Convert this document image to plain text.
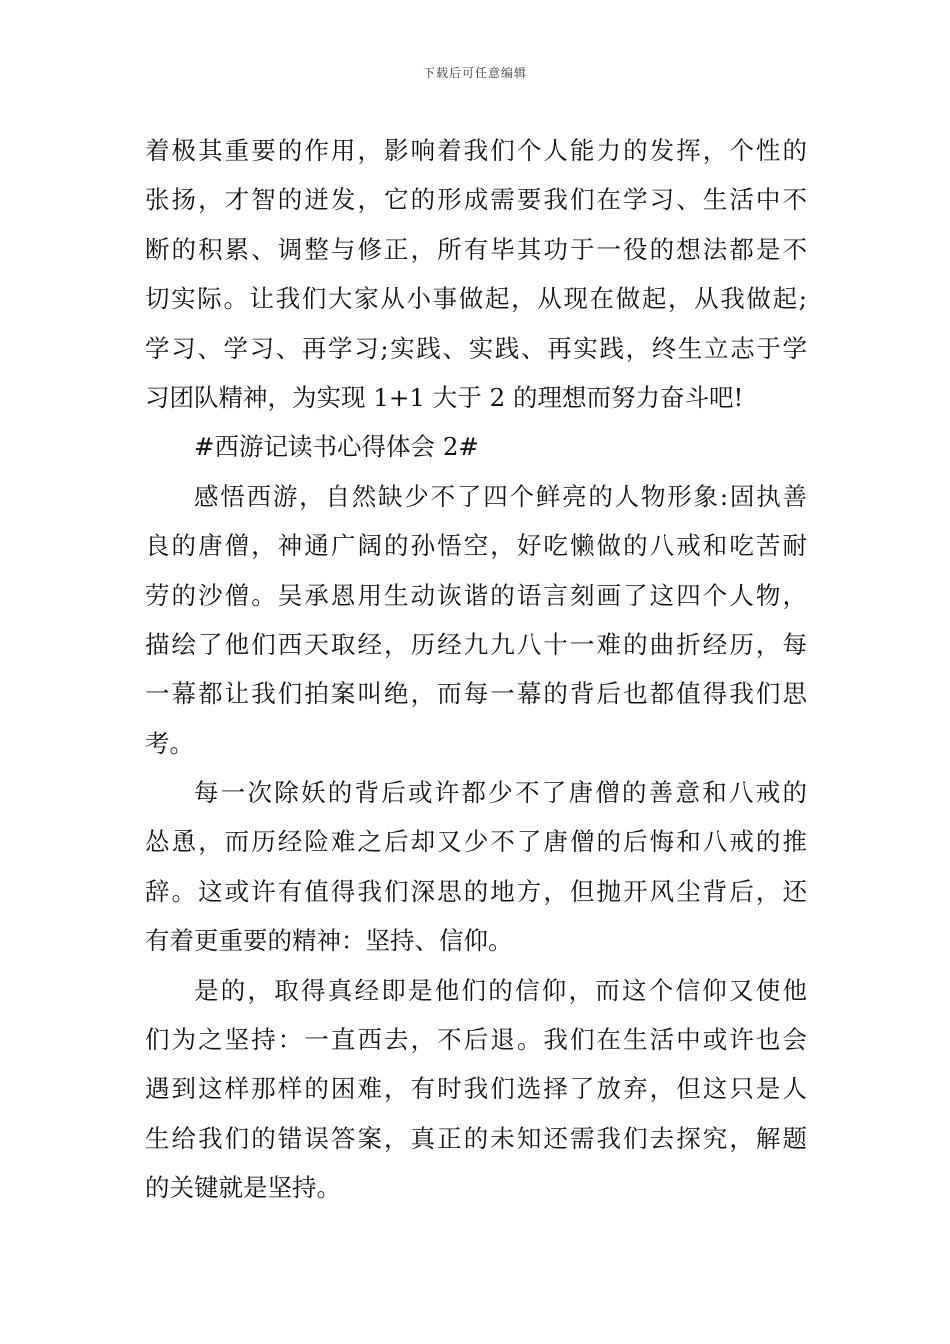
下载后可任意编辑
着极其重要的作用，影响着我们个人能力的发挥，个性的
张扬，才智的迸发，它的形成需要我们在学习、生活中不
断的积累、调整与修正，所有毕其功于一役的想法都是不
切实际。让我们大家从小事做起，从现在做起，从我做起;
学习、学习、再学习;实践、实践、再实践，终生立志于学
习团队精神，为实现 1+1 大于 2 的理想而努力奋斗吧!
#西游记读书心得体会 2#
感悟西游，自然缺少不了四个鲜亮的人物形象:固执善
良的唐僧，神通广阔的孙悟空，好吃懒做的八戒和吃苦耐
劳的沙僧。吴承恩用生动诙谐的语言刻画了这四个人物，
描绘了他们西天取经，历经九九八十一难的曲折经历，每
一幕都让我们拍案叫绝，而每一幕的背后也都值得我们思
考。
每一次除妖的背后或许都少不了唐僧的善意和八戒的
怂恿，而历经险难之后却又少不了唐僧的后悔和八戒的推
辞。这或许有值得我们深思的地方，但抛开风尘背后，还
有着更重要的精神：坚持、信仰。
是的，取得真经即是他们的信仰，而这个信仰又使他
们为之坚持：一直西去，不后退。我们在生活中或许也会
遇到这样那样的困难，有时我们选择了放弃，但这只是人
生给我们的错误答案，真正的未知还需我们去探究，解题
的关键就是坚持。
